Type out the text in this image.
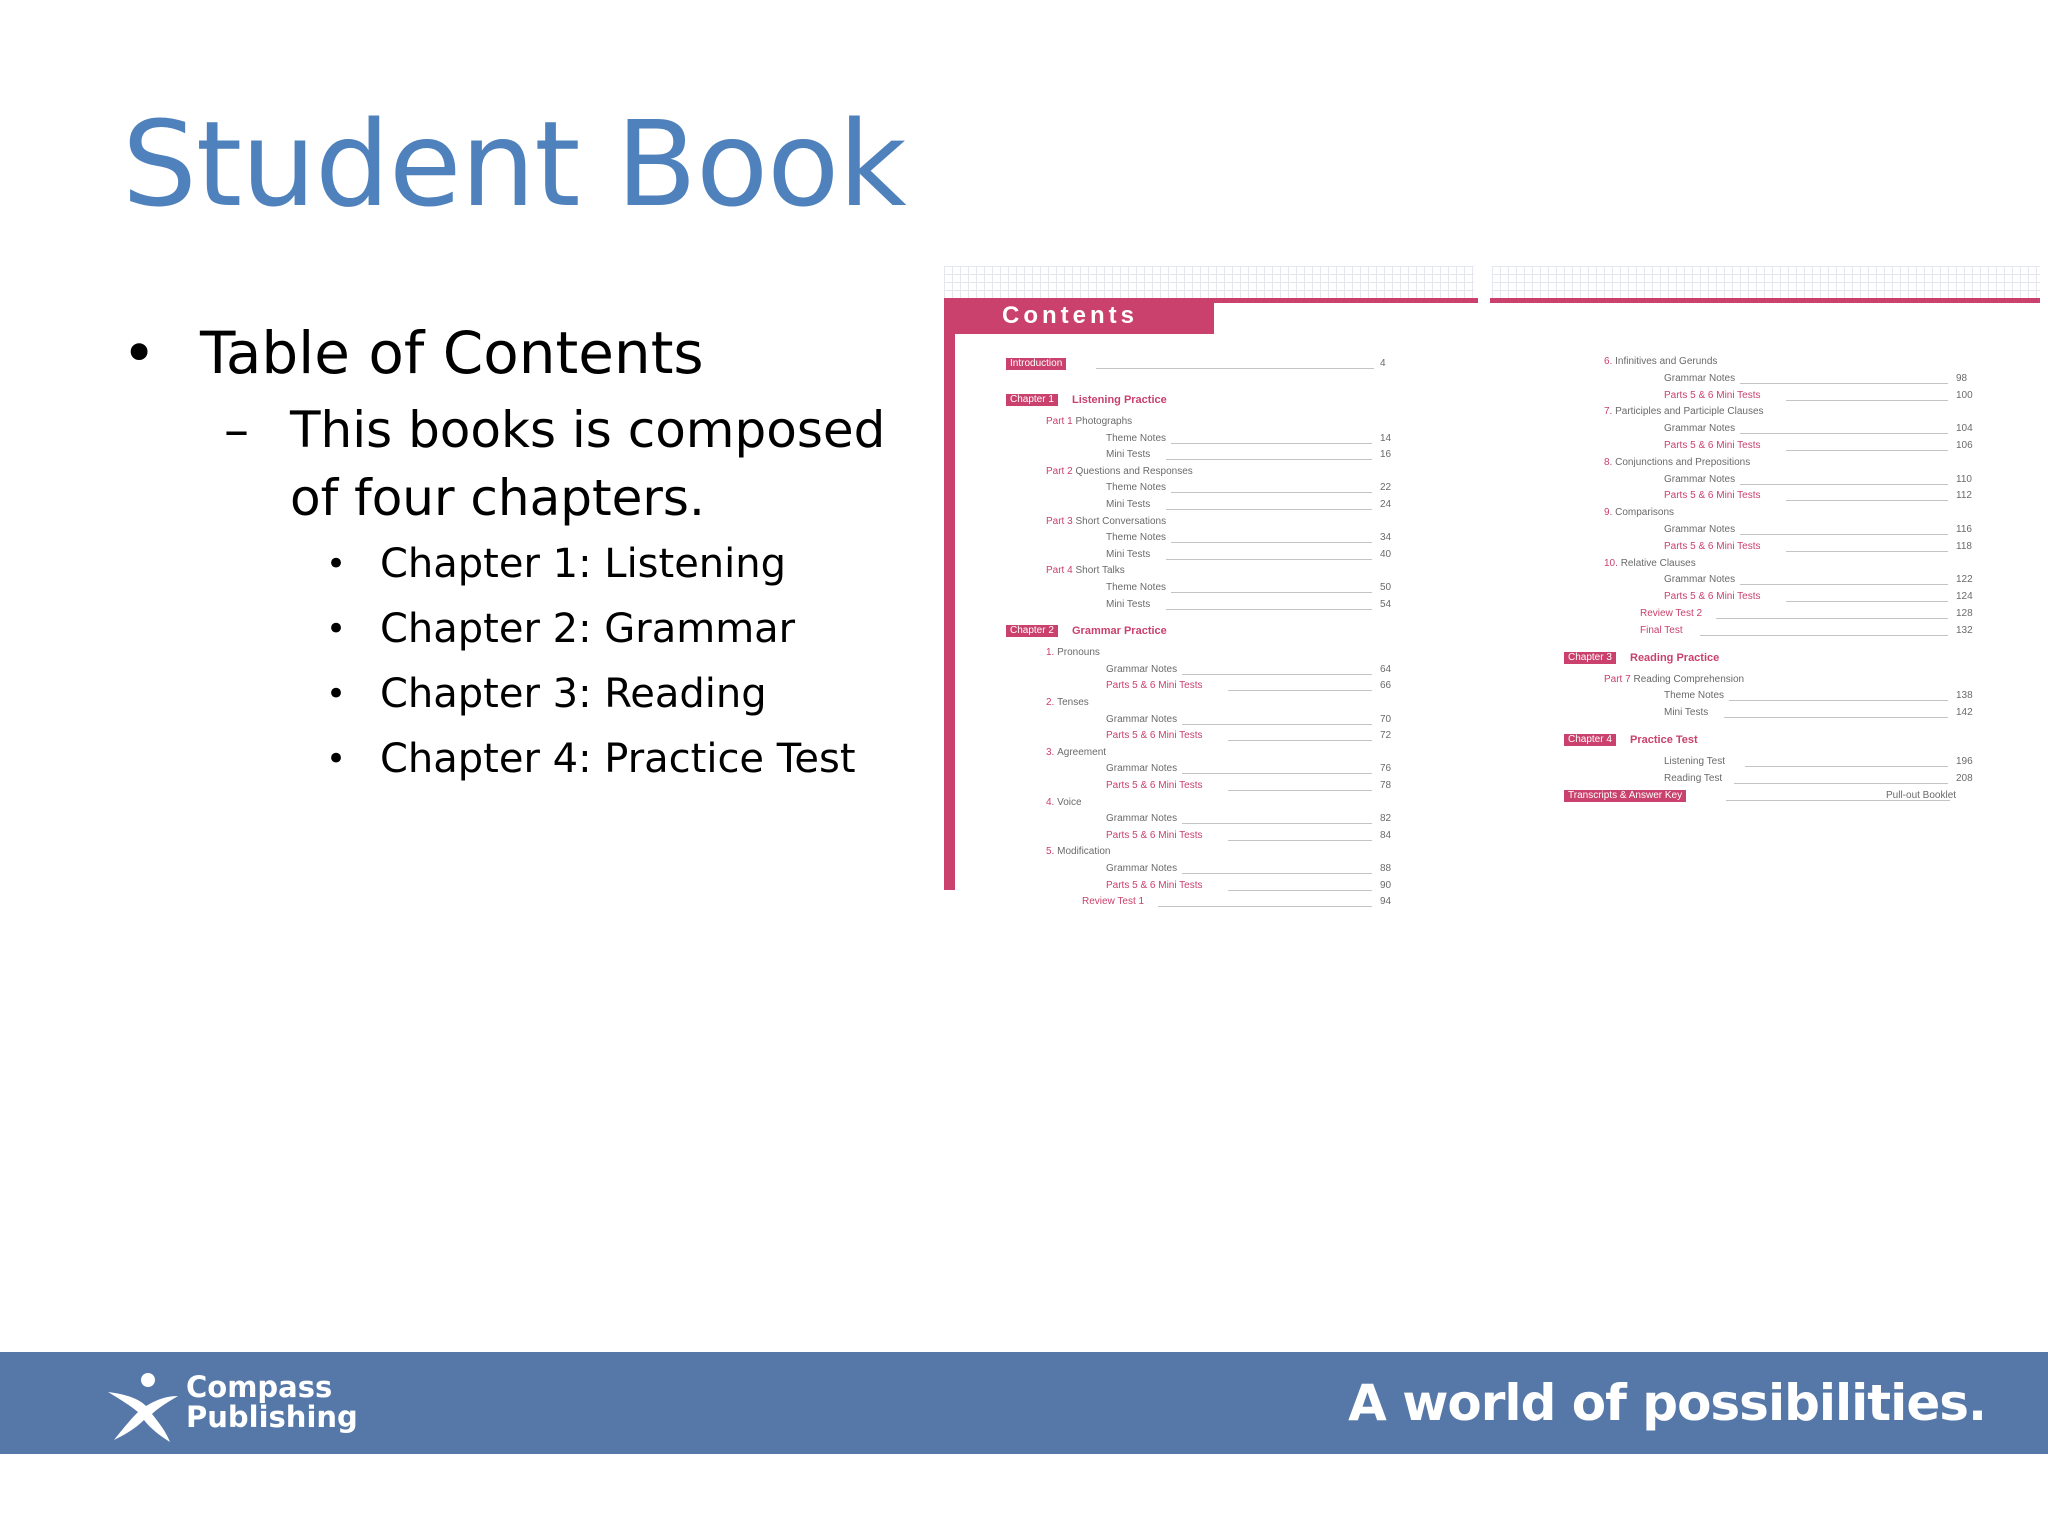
Student Book
• Table of Contents
– This books is composed of four chapters.
• Chapter 1: Listening
• Chapter 2: Grammar
• Chapter 3: Reading
• Chapter 4: Practice Test
Contents
Introduction	4
Chapter 1	Listening Practice
Part 1 Photographs
Theme Notes	14
Mini Tests	16
Part 2 Questions and Responses
Theme Notes	22
Mini Tests	24
Part 3 Short Conversations
Theme Notes	34
Mini Tests	40
Part 4 Short Talks
Theme Notes	50
Mini Tests	54
Chapter 2	Grammar Practice
1. Pronouns
Grammar Notes	64
Parts 5 & 6 Mini Tests	66
2. Tenses
Grammar Notes	70
Parts 5 & 6 Mini Tests	72
3. Agreement
Grammar Notes	76
Parts 5 & 6 Mini Tests	78
4. Voice
Grammar Notes	82
Parts 5 & 6 Mini Tests	84
5. Modification
Grammar Notes	88
Parts 5 & 6 Mini Tests	90
Review Test 1	94
6. Infinitives and Gerunds
Grammar Notes	98
Parts 5 & 6 Mini Tests	100
7. Participles and Participle Clauses
Grammar Notes	104
Parts 5 & 6 Mini Tests	106
8. Conjunctions and Prepositions
Grammar Notes	110
Parts 5 & 6 Mini Tests	112
9. Comparisons
Grammar Notes	116
Parts 5 & 6 Mini Tests	118
10. Relative Clauses
Grammar Notes	122
Parts 5 & 6 Mini Tests	124
Review Test 2	128
Final Test	132
Chapter 3	Reading Practice
Part 7 Reading Comprehension
Theme Notes	138
Mini Tests	142
Chapter 4	Practice Test
Listening Test	196
Reading Test	208
Transcripts & Answer Key	Pull-out Booklet
Compass
Publishing	A world of possibilities.
